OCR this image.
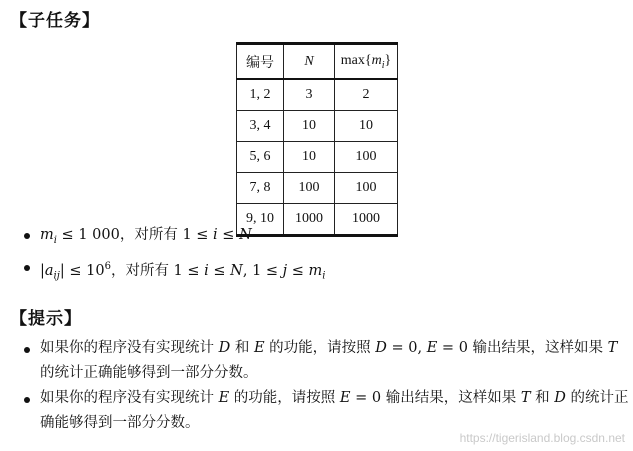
【子任务】
编号	N	$\max\{m_i\}$
1, 2	3	2
3, 4	10	10
5, 6	10	100
7, 8	100	100
9, 10	1000	1000
$m_i \le 1$ 000，对所有 1 ≤ i ≤ N
$|a_{ij}| \le 10^6$，对所有 1 ≤ i ≤ N, $1 \le j \le m_i$
【提示】
如果你的程序没有实现统计 D 和 E 的功能，请按照 D = 0, E = 0 输出结果，这样如果 T 的统计正确能够得到一部分分数。
如果你的程序没有实现统计 E 的功能，请按照 E = 0 输出结果，这样如果 T 和 D 的统计正确能够得到一部分分数。
https://tigerisland.blog.csdn.net
